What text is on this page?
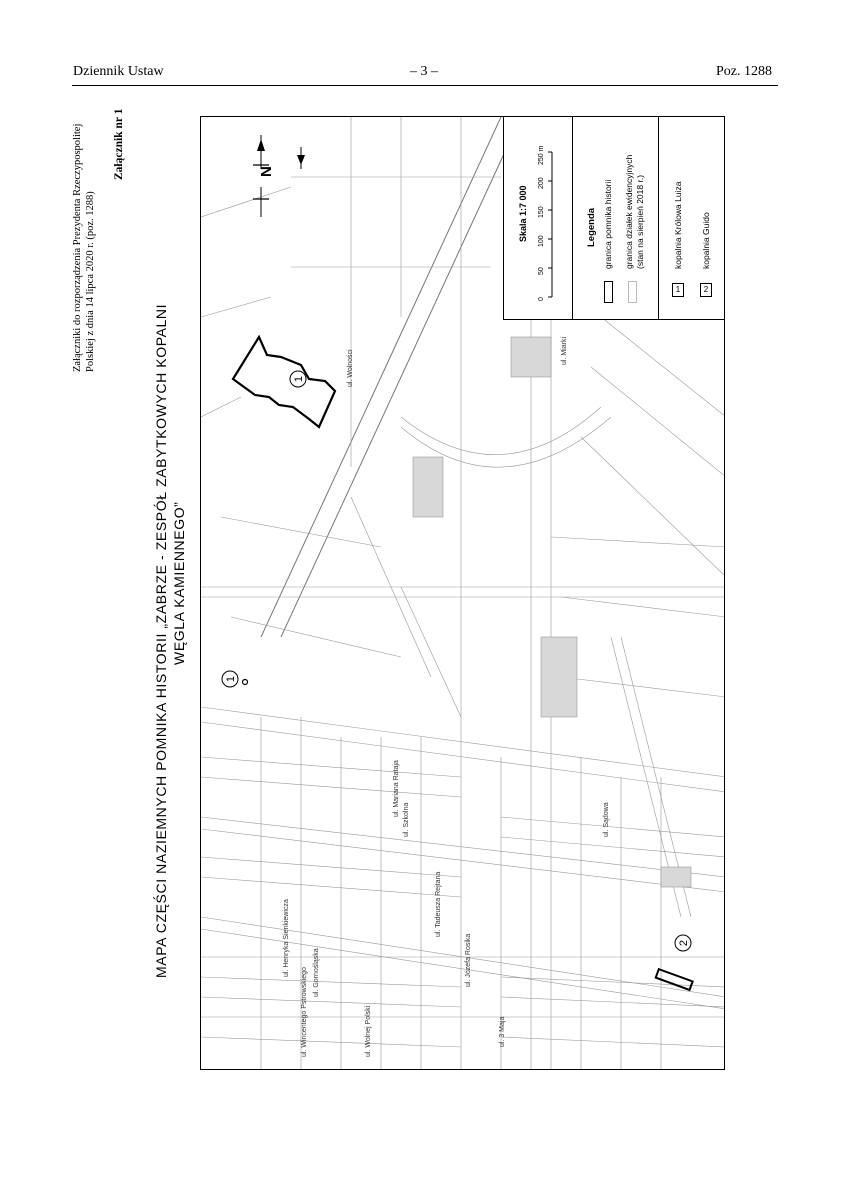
Dziennik Ustaw	– 3 –	Poz. 1288
Załączniki do rozporządzenia Prezydenta Rzeczypospolitej Polskiej z dnia 14 lipca 2020 r. (poz. 1288)
Załącznik nr 1
MAPA CZĘŚCI NAZIEMNYCH POMNIKA HISTORII „ZABRZE - ZESPÓŁ ZABYTKOWYCH KOPALNI WĘGLA KAMIENNEGO”
1
1
2
N
ul. Wolności	ul. Miarki
ul. Mariana Rataja
ul. Szkolna
ul. Tadeusza Rejtana
ul. Józefa Rosika
ul. 3 Maja
ul. Henryka Sienkiewicza	ul. Gornośląska
ul. Wincentego Pstrowskiego	ul. Wolnej Polski
ul. Sądowa
Skala 1:7 000
0
50
100
150
200
250 m
Legenda granica pomnika historii granica działek ewidencyjnych (stan na sierpień 2018 r.)
1
kopalnia Królowa Luiza
2
kopalnia Guido
